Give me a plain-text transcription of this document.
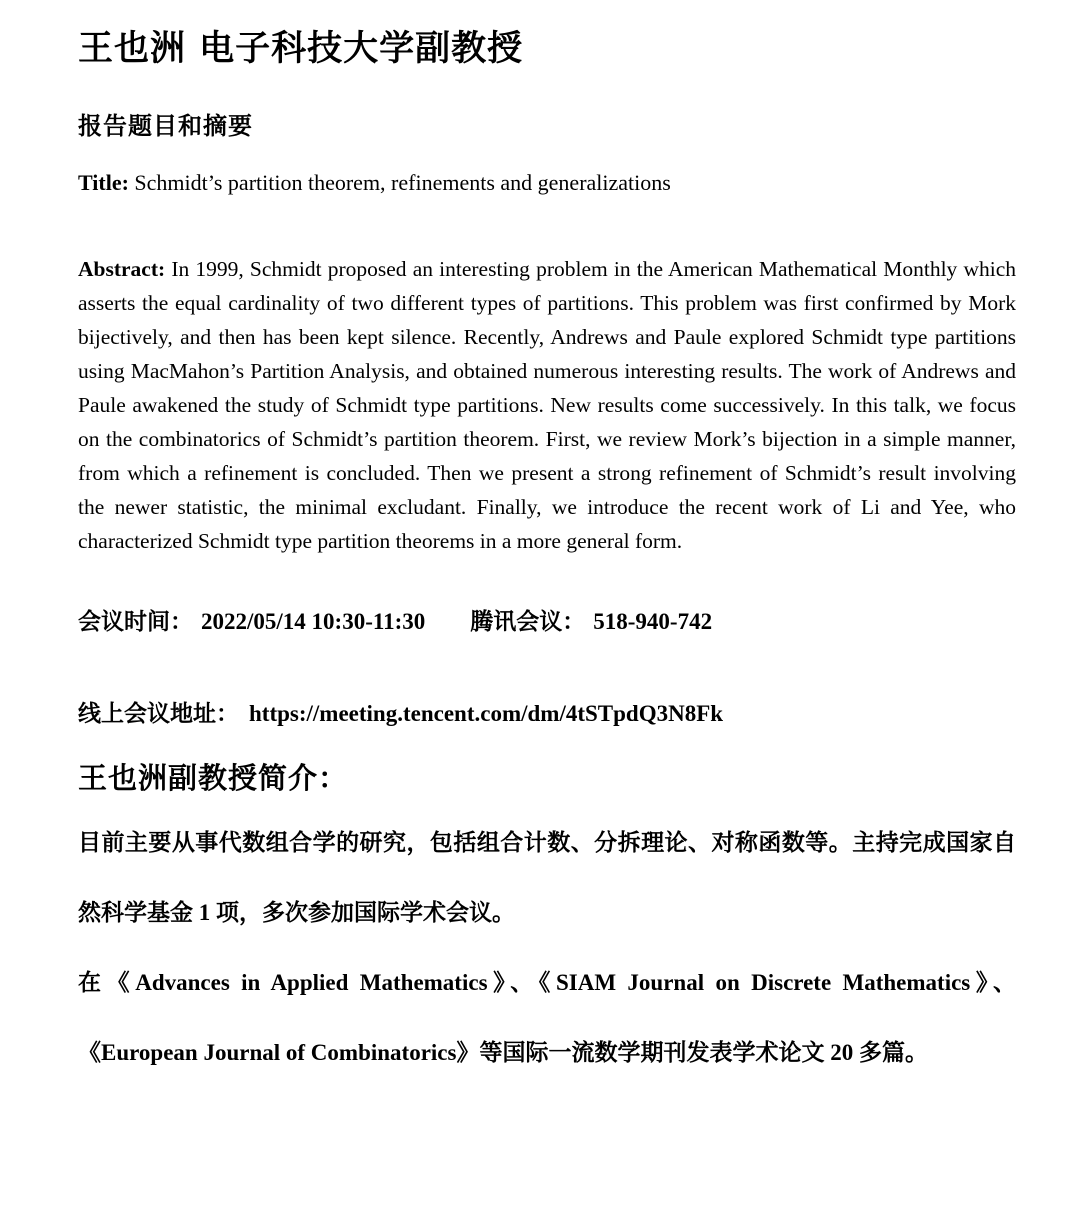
王也洲 电子科技大学副教授
报告题目和摘要

Title: Schmidt’s partition theorem, refinements and generalizations

Abstract: In 1999, Schmidt proposed an interesting problem in the American Mathematical Monthly which asserts the equal cardinality of two different types of partitions. This problem was first confirmed by Mork bijectively, and then has been kept silence. Recently, Andrews and Paule explored Schmidt type partitions using MacMahon’s Partition Analysis, and obtained numerous interesting results. The work of Andrews and Paule awakened the study of Schmidt type partitions. New results come successively. In this talk, we focus on the combinatorics of Schmidt’s partition theorem. First, we review Mork’s bijection in a simple manner, from which a refinement is concluded. Then we present a strong refinement of Schmidt’s result involving the newer statistic, the minimal excludant. Finally, we introduce the recent work of Li and Yee, who characterized Schmidt type partition theorems in a more general form.

会议时间： 2022/05/14 10:30-11:30 腾讯会议： 518-940-742

线上会议地址： https://meeting.tencent.com/dm/4tSTpdQ3N8Fk

王也洲副教授简介：

目前主要从事代数组合学的研究，包括组合计数、分拆理论、对称函数等。主持完成国家自然科学基金 1 项，多次参加国际学术会议。

在《Advances in Applied Mathematics》、《SIAM Journal on Discrete Mathematics》、《European Journal of Combinatorics》等国际一流数学期刊发表学术论文 20 多篇。
